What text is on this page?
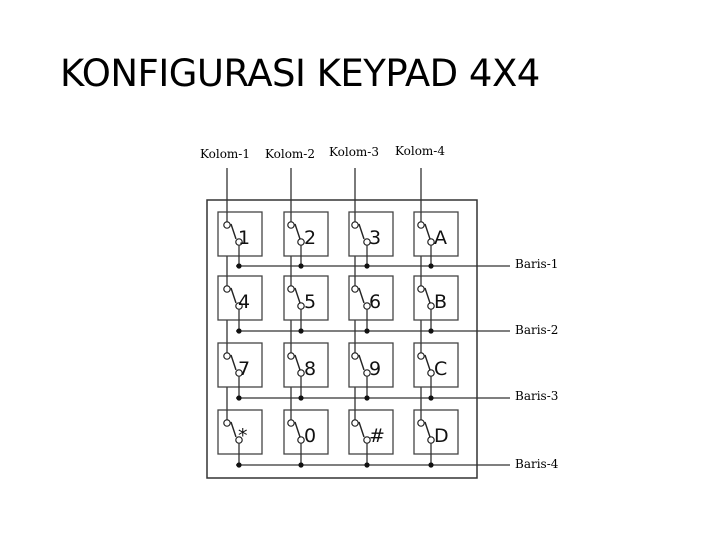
KONFIGURASI KEYPAD 4X4
Kolom-1 Kolom-2 Kolom-3 Kolom-4
Baris-1
Baris-2
Baris-3
Baris-4
1	2	3	A
4	5	6	B
7	8	9	C
*	0	#	D
